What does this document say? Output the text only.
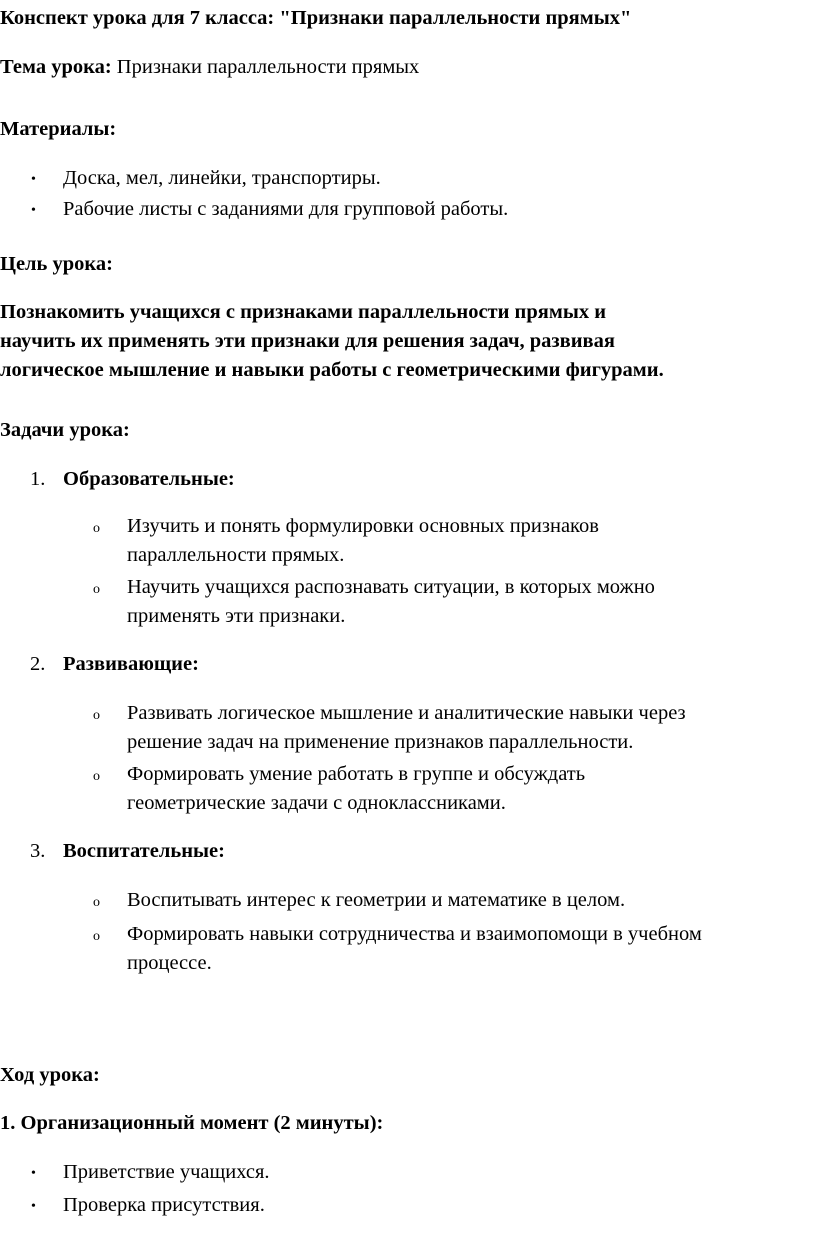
Конспект урока для 7 класса: "Признаки параллельности прямых"
Тема урока: Признаки параллельности прямых
Материалы:
• Доска, мел, линейки, транспортиры.
• Рабочие листы с заданиями для групповой работы.
Цель урока:
Познакомить учащихся с признаками параллельности прямых и
научить их применять эти признаки для решения задач, развивая
логическое мышление и навыки работы с геометрическими фигурами.
Задачи урока:
1. Образовательные:
o Изучить и понять формулировки основных признаков
параллельности прямых.
o Научить учащихся распознавать ситуации, в которых можно
применять эти признаки.
2. Развивающие:
o Развивать логическое мышление и аналитические навыки через
решение задач на применение признаков параллельности.
o Формировать умение работать в группе и обсуждать
геометрические задачи с одноклассниками.
3. Воспитательные:
o Воспитывать интерес к геометрии и математике в целом.
o Формировать навыки сотрудничества и взаимопомощи в учебном
процессе.
Ход урока:
1. Организационный момент (2 минуты):
• Приветствие учащихся.
• Проверка присутствия.
